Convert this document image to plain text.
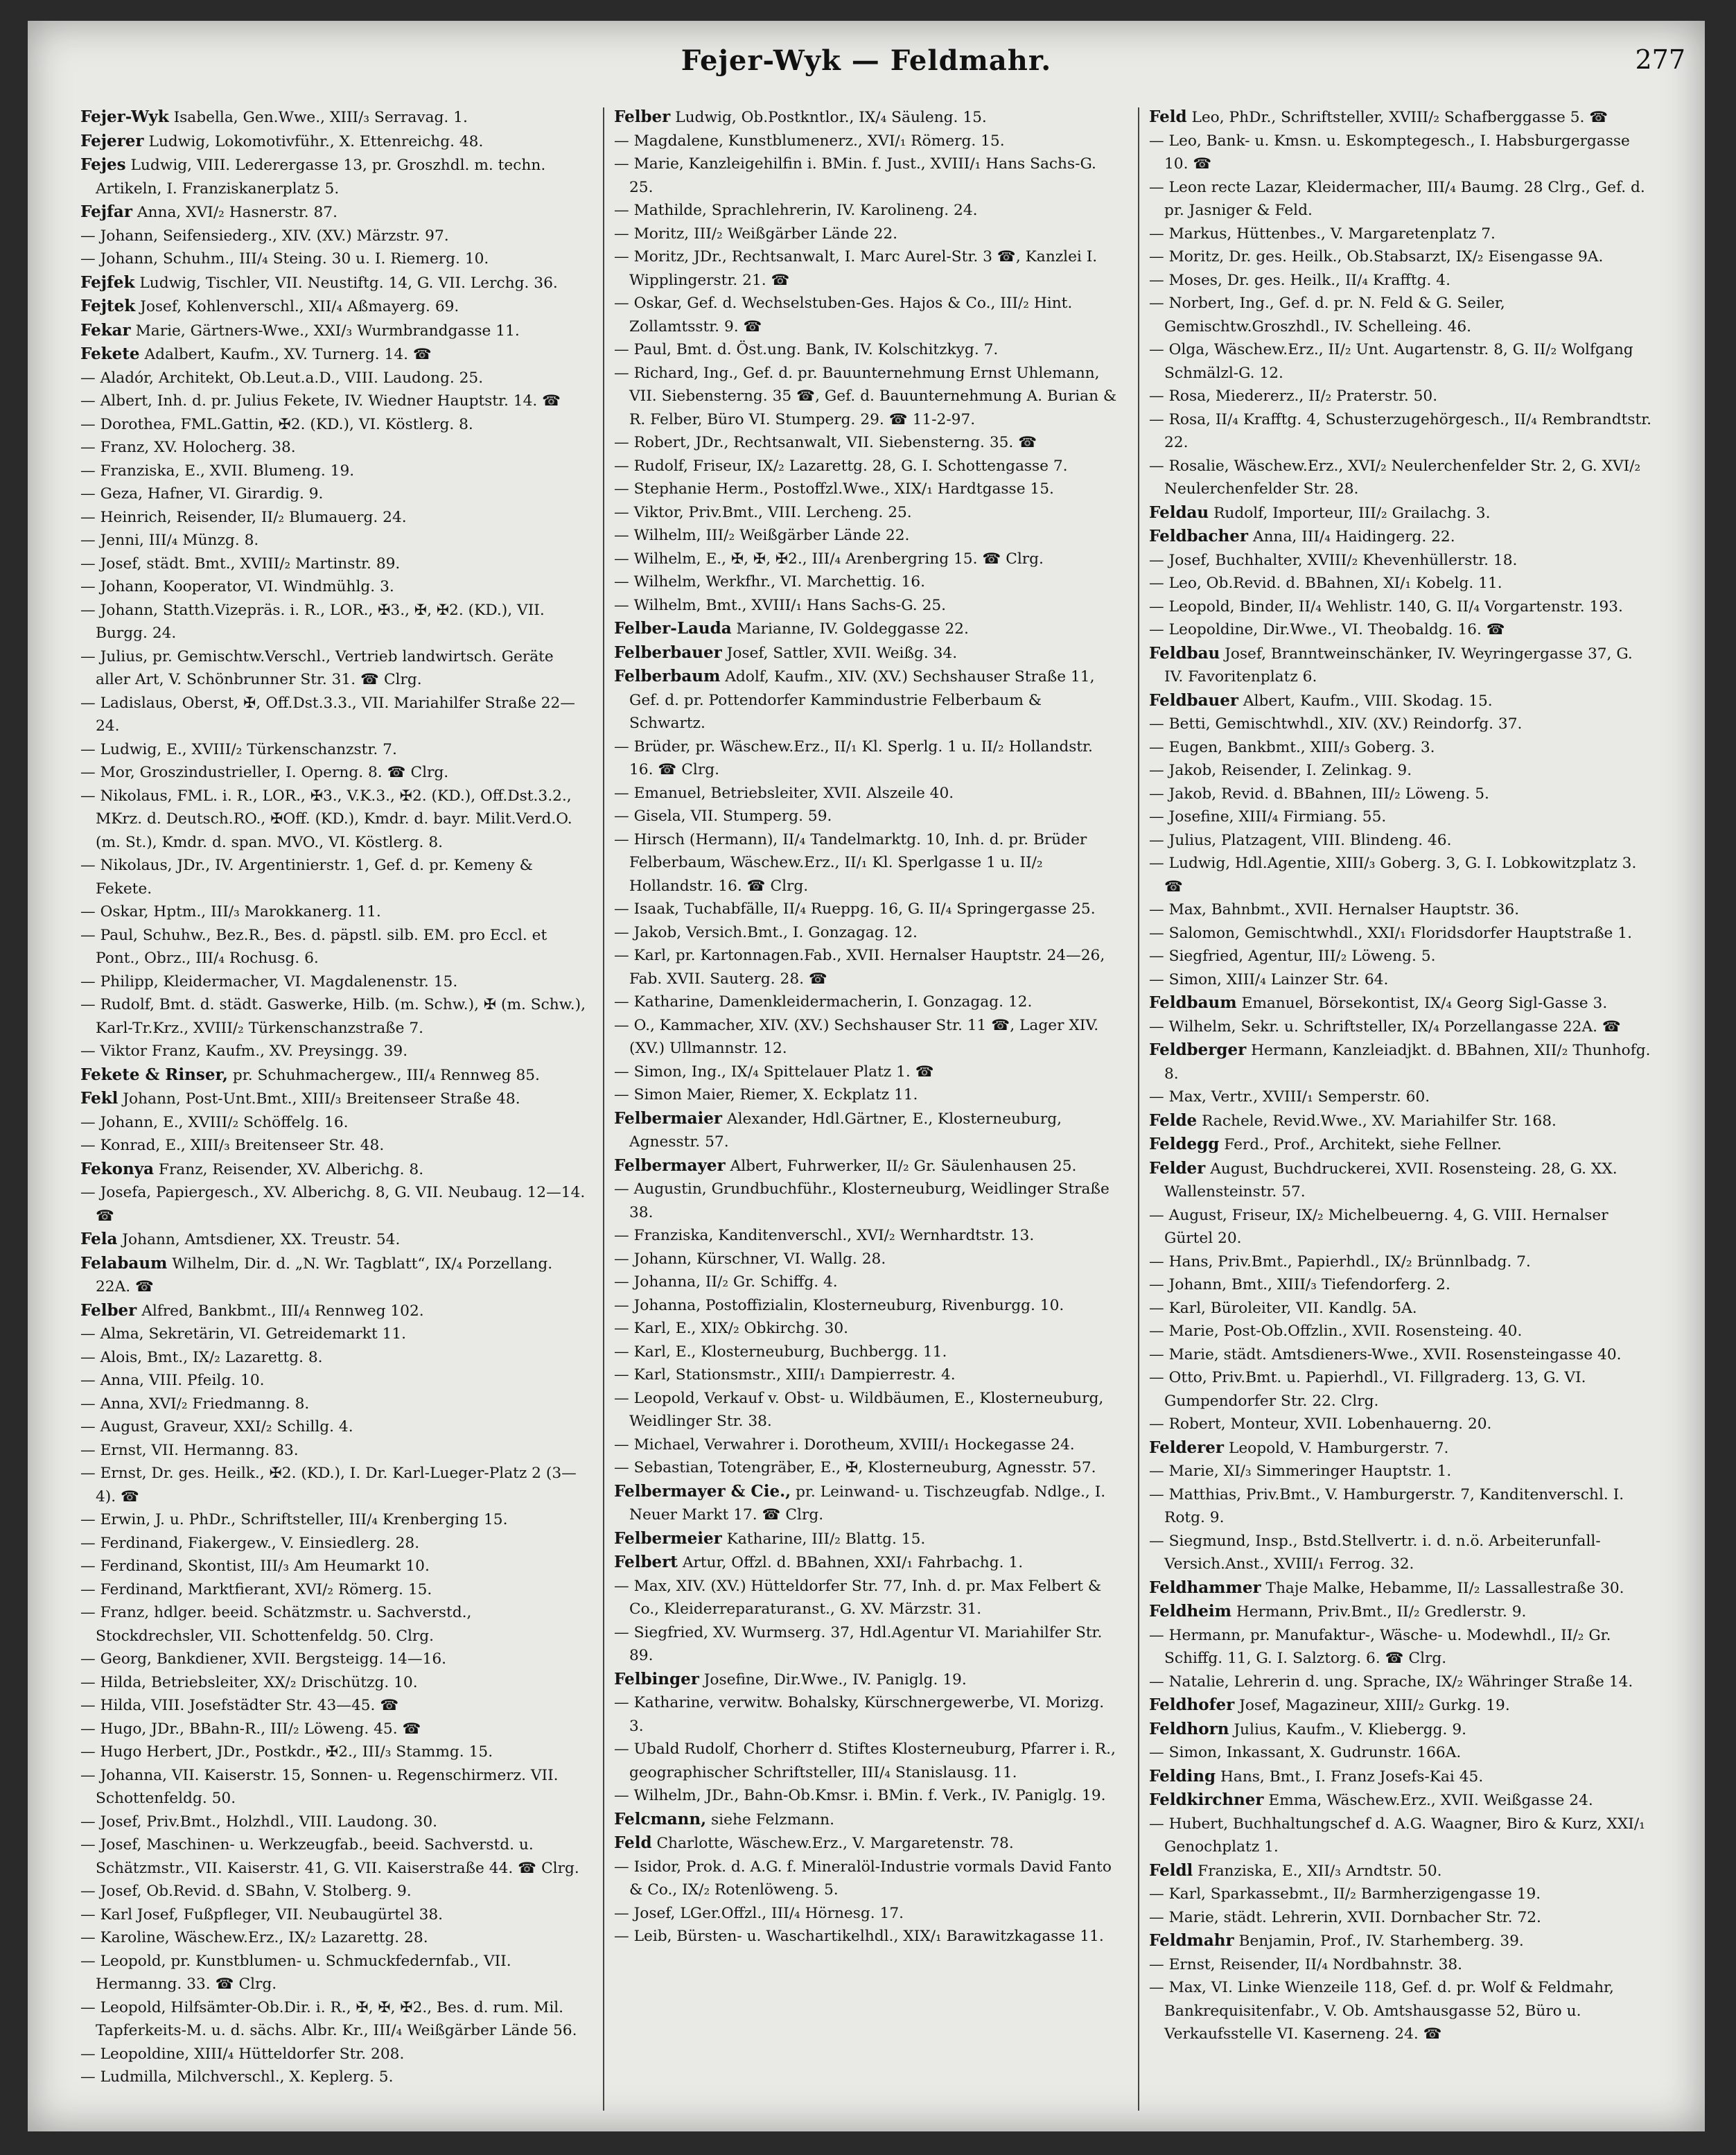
Fejer-Wyk — Feldmahr.	277
Fejer-Wyk Isabella, Gen.Wwe., XIII/₃ Serravag. 1.
Fejerer Ludwig, Lokomotivführ., X. Ettenreichg. 48.
Fejes Ludwig, VIII. Lederergasse 13, pr. Groszhdl. m. techn. Artikeln, I. Franziskanerplatz 5.
Fejfar Anna, XVI/₂ Hasnerstr. 87.
— Johann, Seifensiederg., XIV. (XV.) Märzstr. 97.
— Johann, Schuhm., III/₄ Steing. 30 u. I. Riemerg. 10.
Fejfek Ludwig, Tischler, VII. Neustiftg. 14, G. VII. Lerchg. 36.
Fejtek Josef, Kohlenverschl., XII/₄ Aßmayerg. 69.
Fekar Marie, Gärtners-Wwe., XXI/₃ Wurmbrandgasse 11.
Fekete Adalbert, Kaufm., XV. Turnerg. 14. ☎
— Aladór, Architekt, Ob.Leut.a.D., VIII. Laudong. 25.
— Albert, Inh. d. pr. Julius Fekete, IV. Wiedner Hauptstr. 14. ☎
— Dorothea, FML.Gattin, ✠2. (KD.), VI. Köstlerg. 8.
— Franz, XV. Holocherg. 38.
— Franziska, E., XVII. Blumeng. 19.
— Geza, Hafner, VI. Girardig. 9.
— Heinrich, Reisender, II/₂ Blumauerg. 24.
— Jenni, III/₄ Münzg. 8.
— Josef, städt. Bmt., XVIII/₂ Martinstr. 89.
— Johann, Kooperator, VI. Windmühlg. 3.
— Johann, Statth.Vizepräs. i. R., LOR., ✠3., ✠, ✠2. (KD.), VII. Burgg. 24.
— Julius, pr. Gemischtw.Verschl., Vertrieb landwirtsch. Geräte aller Art, V. Schönbrunner Str. 31. ☎ Clrg.
— Ladislaus, Oberst, ✠, Off.Dst.3.3., VII. Mariahilfer Straße 22—24.
— Ludwig, E., XVIII/₂ Türkenschanzstr. 7.
— Mor, Groszindustrieller, I. Operng. 8. ☎ Clrg.
— Nikolaus, FML. i. R., LOR., ✠3., V.K.3., ✠2. (KD.), Off.Dst.3.2., MKrz. d. Deutsch.RO., ✠Off. (KD.), Kmdr. d. bayr. Milit.Verd.O. (m. St.), Kmdr. d. span. MVO., VI. Köstlerg. 8.
— Nikolaus, JDr., IV. Argentinierstr. 1, Gef. d. pr. Kemeny & Fekete.
— Oskar, Hptm., III/₃ Marokkanerg. 11.
— Paul, Schuhw., Bez.R., Bes. d. päpstl. silb. EM. pro Eccl. et Pont., Obrz., III/₄ Rochusg. 6.
— Philipp, Kleidermacher, VI. Magdalenenstr. 15.
— Rudolf, Bmt. d. städt. Gaswerke, Hilb. (m. Schw.), ✠ (m. Schw.), Karl-Tr.Krz., XVIII/₂ Türkenschanzstraße 7.
— Viktor Franz, Kaufm., XV. Preysingg. 39.
Fekete & Rinser, pr. Schuhmachergew., III/₄ Rennweg 85.
Fekl Johann, Post-Unt.Bmt., XIII/₃ Breitenseer Straße 48.
— Johann, E., XVIII/₂ Schöffelg. 16.
— Konrad, E., XIII/₃ Breitenseer Str. 48.
Fekonya Franz, Reisender, XV. Alberichg. 8.
— Josefa, Papiergesch., XV. Alberichg. 8, G. VII. Neubaug. 12—14. ☎
Fela Johann, Amtsdiener, XX. Treustr. 54.
Felabaum Wilhelm, Dir. d. „N. Wr. Tagblatt“, IX/₄ Porzellang. 22A. ☎
Felber Alfred, Bankbmt., III/₄ Rennweg 102.
— Alma, Sekretärin, VI. Getreidemarkt 11.
— Alois, Bmt., IX/₂ Lazarettg. 8.
— Anna, VIII. Pfeilg. 10.
— Anna, XVI/₂ Friedmanng. 8.
— August, Graveur, XXI/₂ Schillg. 4.
— Ernst, VII. Hermanng. 83.
— Ernst, Dr. ges. Heilk., ✠2. (KD.), I. Dr. Karl-Lueger-Platz 2 (3—4). ☎
— Erwin, J. u. PhDr., Schriftsteller, III/₄ Krenberging 15.
— Ferdinand, Fiakergew., V. Einsiedlerg. 28.
— Ferdinand, Skontist, III/₃ Am Heumarkt 10.
— Ferdinand, Marktfierant, XVI/₂ Römerg. 15.
— Franz, hdlger. beeid. Schätzmstr. u. Sachverstd., Stockdrechsler, VII. Schottenfeldg. 50. Clrg.
— Georg, Bankdiener, XVII. Bergsteigg. 14—16.
— Hilda, Betriebsleiter, XX/₂ Drischützg. 10.
— Hilda, VIII. Josefstädter Str. 43—45. ☎
— Hugo, JDr., BBahn-R., III/₂ Löweng. 45. ☎
— Hugo Herbert, JDr., Postkdr., ✠2., III/₃ Stammg. 15.
— Johanna, VII. Kaiserstr. 15, Sonnen- u. Regenschirmerz. VII. Schottenfeldg. 50.
— Josef, Priv.Bmt., Holzhdl., VIII. Laudong. 30.
— Josef, Maschinen- u. Werkzeugfab., beeid. Sachverstd. u. Schätzmstr., VII. Kaiserstr. 41, G. VII. Kaiserstraße 44. ☎ Clrg.
— Josef, Ob.Revid. d. SBahn, V. Stolberg. 9.
— Karl Josef, Fußpfleger, VII. Neubaugürtel 38.
— Karoline, Wäschew.Erz., IX/₂ Lazarettg. 28.
— Leopold, pr. Kunstblumen- u. Schmuckfedernfab., VII. Hermanng. 33. ☎ Clrg.
— Leopold, Hilfsämter-Ob.Dir. i. R., ✠, ✠, ✠2., Bes. d. rum. Mil. Tapferkeits-M. u. d. sächs. Albr. Kr., III/₄ Weißgärber Lände 56.
— Leopoldine, XIII/₄ Hütteldorfer Str. 208.
— Ludmilla, Milchverschl., X. Keplerg. 5.
Felber Ludwig, Ob.Postkntlor., IX/₄ Säuleng. 15.
— Magdalene, Kunstblumenerz., XVI/₁ Römerg. 15.
— Marie, Kanzleigehilfin i. BMin. f. Just., XVIII/₁ Hans Sachs-G. 25.
— Mathilde, Sprachlehrerin, IV. Karolineng. 24.
— Moritz, III/₂ Weißgärber Lände 22.
— Moritz, JDr., Rechtsanwalt, I. Marc Aurel-Str. 3 ☎, Kanzlei I. Wipplingerstr. 21. ☎
— Oskar, Gef. d. Wechselstuben-Ges. Hajos & Co., III/₂ Hint. Zollamtsstr. 9. ☎
— Paul, Bmt. d. Öst.ung. Bank, IV. Kolschitzkyg. 7.
— Richard, Ing., Gef. d. pr. Bauunternehmung Ernst Uhlemann, VII. Siebensterng. 35 ☎, Gef. d. Bauunternehmung A. Burian & R. Felber, Büro VI. Stumperg. 29. ☎ 11-2-97.
— Robert, JDr., Rechtsanwalt, VII. Siebensterng. 35. ☎
— Rudolf, Friseur, IX/₂ Lazarettg. 28, G. I. Schottengasse 7.
— Stephanie Herm., Postoffzl.Wwe., XIX/₁ Hardtgasse 15.
— Viktor, Priv.Bmt., VIII. Lercheng. 25.
— Wilhelm, III/₂ Weißgärber Lände 22.
— Wilhelm, E., ✠, ✠, ✠2., III/₄ Arenbergring 15. ☎ Clrg.
— Wilhelm, Werkfhr., VI. Marchettig. 16.
— Wilhelm, Bmt., XVIII/₁ Hans Sachs-G. 25.
Felber-Lauda Marianne, IV. Goldeggasse 22.
Felberbauer Josef, Sattler, XVII. Weißg. 34.
Felberbaum Adolf, Kaufm., XIV. (XV.) Sechshauser Straße 11, Gef. d. pr. Pottendorfer Kammindustrie Felberbaum & Schwartz.
— Brüder, pr. Wäschew.Erz., II/₁ Kl. Sperlg. 1 u. II/₂ Hollandstr. 16. ☎ Clrg.
— Emanuel, Betriebsleiter, XVII. Alszeile 40.
— Gisela, VII. Stumperg. 59.
— Hirsch (Hermann), II/₄ Tandelmarktg. 10, Inh. d. pr. Brüder Felberbaum, Wäschew.Erz., II/₁ Kl. Sperlgasse 1 u. II/₂ Hollandstr. 16. ☎ Clrg.
— Isaak, Tuchabfälle, II/₄ Rueppg. 16, G. II/₄ Springergasse 25.
— Jakob, Versich.Bmt., I. Gonzagag. 12.
— Karl, pr. Kartonnagen.Fab., XVII. Hernalser Hauptstr. 24—26, Fab. XVII. Sauterg. 28. ☎
— Katharine, Damenkleidermacherin, I. Gonzagag. 12.
— O., Kammacher, XIV. (XV.) Sechshauser Str. 11 ☎, Lager XIV. (XV.) Ullmannstr. 12.
— Simon, Ing., IX/₄ Spittelauer Platz 1. ☎
— Simon Maier, Riemer, X. Eckplatz 11.
Felbermaier Alexander, Hdl.Gärtner, E., Klosterneuburg, Agnesstr. 57.
Felbermayer Albert, Fuhrwerker, II/₂ Gr. Säulenhausen 25.
— Augustin, Grundbuchführ., Klosterneuburg, Weidlinger Straße 38.
— Franziska, Kanditenverschl., XVI/₂ Wernhardtstr. 13.
— Johann, Kürschner, VI. Wallg. 28.
— Johanna, II/₂ Gr. Schiffg. 4.
— Johanna, Postoffizialin, Klosterneuburg, Rivenburgg. 10.
— Karl, E., XIX/₂ Obkirchg. 30.
— Karl, E., Klosterneuburg, Buchbergg. 11.
— Karl, Stationsmstr., XIII/₁ Dampierrestr. 4.
— Leopold, Verkauf v. Obst- u. Wildbäumen, E., Klosterneuburg, Weidlinger Str. 38.
— Michael, Verwahrer i. Dorotheum, XVIII/₁ Hockegasse 24.
— Sebastian, Totengräber, E., ✠, Klosterneuburg, Agnesstr. 57.
Felbermayer & Cie., pr. Leinwand- u. Tischzeugfab. Ndlge., I. Neuer Markt 17. ☎ Clrg.
Felbermeier Katharine, III/₂ Blattg. 15.
Felbert Artur, Offzl. d. BBahnen, XXI/₁ Fahrbachg. 1.
— Max, XIV. (XV.) Hütteldorfer Str. 77, Inh. d. pr. Max Felbert & Co., Kleiderreparaturanst., G. XV. Märzstr. 31.
— Siegfried, XV. Wurmserg. 37, Hdl.Agentur VI. Mariahilfer Str. 89.
Felbinger Josefine, Dir.Wwe., IV. Paniglg. 19.
— Katharine, verwitw. Bohalsky, Kürschnergewerbe, VI. Morizg. 3.
— Ubald Rudolf, Chorherr d. Stiftes Klosterneuburg, Pfarrer i. R., geographischer Schriftsteller, III/₄ Stanislausg. 11.
— Wilhelm, JDr., Bahn-Ob.Kmsr. i. BMin. f. Verk., IV. Paniglg. 19.
Felcmann, siehe Felzmann.
Feld Charlotte, Wäschew.Erz., V. Margaretenstr. 78.
— Isidor, Prok. d. A.G. f. Mineralöl-Industrie vormals David Fanto & Co., IX/₂ Rotenlöweng. 5.
— Josef, LGer.Offzl., III/₄ Hörnesg. 17.
— Leib, Bürsten- u. Waschartikelhdl., XIX/₁ Barawitzkagasse 11.
Feld Leo, PhDr., Schriftsteller, XVIII/₂ Schafberggasse 5. ☎
— Leo, Bank- u. Kmsn. u. Eskomptegesch., I. Habsburgergasse 10. ☎
— Leon recte Lazar, Kleidermacher, III/₄ Baumg. 28 Clrg., Gef. d. pr. Jasniger & Feld.
— Markus, Hüttenbes., V. Margaretenplatz 7.
— Moritz, Dr. ges. Heilk., Ob.Stabsarzt, IX/₂ Eisengasse 9A.
— Moses, Dr. ges. Heilk., II/₄ Krafftg. 4.
— Norbert, Ing., Gef. d. pr. N. Feld & G. Seiler, Gemischtw.Groszhdl., IV. Schelleing. 46.
— Olga, Wäschew.Erz., II/₂ Unt. Augartenstr. 8, G. II/₂ Wolfgang Schmälzl-G. 12.
— Rosa, Miedererz., II/₂ Praterstr. 50.
— Rosa, II/₄ Krafftg. 4, Schusterzugehörgesch., II/₄ Rembrandtstr. 22.
— Rosalie, Wäschew.Erz., XVI/₂ Neulerchenfelder Str. 2, G. XVI/₂ Neulerchenfelder Str. 28.
Feldau Rudolf, Importeur, III/₂ Grailachg. 3.
Feldbacher Anna, III/₄ Haidingerg. 22.
— Josef, Buchhalter, XVIII/₂ Khevenhüllerstr. 18.
— Leo, Ob.Revid. d. BBahnen, XI/₁ Kobelg. 11.
— Leopold, Binder, II/₄ Wehlistr. 140, G. II/₄ Vorgartenstr. 193.
— Leopoldine, Dir.Wwe., VI. Theobaldg. 16. ☎
Feldbau Josef, Branntweinschänker, IV. Weyringergasse 37, G. IV. Favoritenplatz 6.
Feldbauer Albert, Kaufm., VIII. Skodag. 15.
— Betti, Gemischtwhdl., XIV. (XV.) Reindorfg. 37.
— Eugen, Bankbmt., XIII/₃ Goberg. 3.
— Jakob, Reisender, I. Zelinkag. 9.
— Jakob, Revid. d. BBahnen, III/₂ Löweng. 5.
— Josefine, XIII/₄ Firmiang. 55.
— Julius, Platzagent, VIII. Blindeng. 46.
— Ludwig, Hdl.Agentie, XIII/₃ Goberg. 3, G. I. Lobkowitzplatz 3. ☎
— Max, Bahnbmt., XVII. Hernalser Hauptstr. 36.
— Salomon, Gemischtwhdl., XXI/₁ Floridsdorfer Hauptstraße 1.
— Siegfried, Agentur, III/₂ Löweng. 5.
— Simon, XIII/₄ Lainzer Str. 64.
Feldbaum Emanuel, Börsekontist, IX/₄ Georg Sigl-Gasse 3.
— Wilhelm, Sekr. u. Schriftsteller, IX/₄ Porzellangasse 22A. ☎
Feldberger Hermann, Kanzleiadjkt. d. BBahnen, XII/₂ Thunhofg. 8.
— Max, Vertr., XVIII/₁ Semperstr. 60.
Felde Rachele, Revid.Wwe., XV. Mariahilfer Str. 168.
Feldegg Ferd., Prof., Architekt, siehe Fellner.
Felder August, Buchdruckerei, XVII. Rosensteing. 28, G. XX. Wallensteinstr. 57.
— August, Friseur, IX/₂ Michelbeuerng. 4, G. VIII. Hernalser Gürtel 20.
— Hans, Priv.Bmt., Papierhdl., IX/₂ Brünnlbadg. 7.
— Johann, Bmt., XIII/₃ Tiefendorferg. 2.
— Karl, Büroleiter, VII. Kandlg. 5A.
— Marie, Post-Ob.Offzlin., XVII. Rosensteing. 40.
— Marie, städt. Amtsdieners-Wwe., XVII. Rosensteingasse 40.
— Otto, Priv.Bmt. u. Papierhdl., VI. Fillgraderg. 13, G. VI. Gumpendorfer Str. 22. Clrg.
— Robert, Monteur, XVII. Lobenhauerng. 20.
Felderer Leopold, V. Hamburgerstr. 7.
— Marie, XI/₃ Simmeringer Hauptstr. 1.
— Matthias, Priv.Bmt., V. Hamburgerstr. 7, Kanditenverschl. I. Rotg. 9.
— Siegmund, Insp., Bstd.Stellvertr. i. d. n.ö. Arbeiterunfall-Versich.Anst., XVIII/₁ Ferrog. 32.
Feldhammer Thaje Malke, Hebamme, II/₂ Lassallestraße 30.
Feldheim Hermann, Priv.Bmt., II/₂ Gredlerstr. 9.
— Hermann, pr. Manufaktur-, Wäsche- u. Modewhdl., II/₂ Gr. Schiffg. 11, G. I. Salztorg. 6. ☎ Clrg.
— Natalie, Lehrerin d. ung. Sprache, IX/₂ Währinger Straße 14.
Feldhofer Josef, Magazineur, XIII/₂ Gurkg. 19.
Feldhorn Julius, Kaufm., V. Kliebergg. 9.
— Simon, Inkassant, X. Gudrunstr. 166A.
Felding Hans, Bmt., I. Franz Josefs-Kai 45.
Feldkirchner Emma, Wäschew.Erz., XVII. Weißgasse 24.
— Hubert, Buchhaltungschef d. A.G. Waagner, Biro & Kurz, XXI/₁ Genochplatz 1.
Feldl Franziska, E., XII/₃ Arndtstr. 50.
— Karl, Sparkassebmt., II/₂ Barmherzigengasse 19.
— Marie, städt. Lehrerin, XVII. Dornbacher Str. 72.
Feldmahr Benjamin, Prof., IV. Starhemberg. 39.
— Ernst, Reisender, II/₄ Nordbahnstr. 38.
— Max, VI. Linke Wienzeile 118, Gef. d. pr. Wolf & Feldmahr, Bankrequisitenfabr., V. Ob. Amtshausgasse 52, Büro u. Verkaufsstelle VI. Kaserneng. 24. ☎
